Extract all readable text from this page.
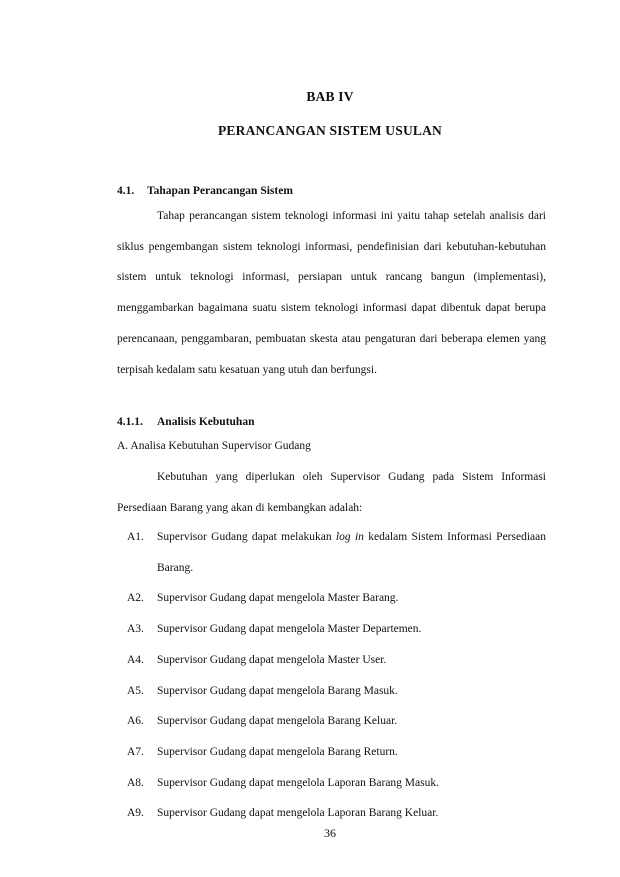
BAB IV
PERANCANGAN SISTEM USULAN
4.1. Tahapan Perancangan Sistem
Tahap perancangan sistem teknologi informasi ini yaitu tahap setelah analisis dari siklus pengembangan sistem teknologi informasi, pendefinisian dari kebutuhan-kebutuhan sistem untuk teknologi informasi, persiapan untuk rancang bangun (implementasi), menggambarkan bagaimana suatu sistem teknologi informasi dapat dibentuk dapat berupa perencanaan, penggambaran, pembuatan skesta atau pengaturan dari beberapa elemen yang terpisah kedalam satu kesatuan yang utuh dan berfungsi.
4.1.1. Analisis Kebutuhan
A. Analisa Kebutuhan Supervisor Gudang
Kebutuhan yang diperlukan oleh Supervisor Gudang pada Sistem Informasi Persediaan Barang yang akan di kembangkan adalah:
A1. Supervisor Gudang dapat melakukan log in kedalam Sistem Informasi Persediaan Barang.
A2. Supervisor Gudang dapat mengelola Master Barang.
A3. Supervisor Gudang dapat mengelola Master Departemen.
A4. Supervisor Gudang dapat mengelola Master User.
A5. Supervisor Gudang dapat mengelola Barang Masuk.
A6. Supervisor Gudang dapat mengelola Barang Keluar.
A7. Supervisor Gudang dapat mengelola Barang Return.
A8. Supervisor Gudang dapat mengelola Laporan Barang Masuk.
A9. Supervisor Gudang dapat mengelola Laporan Barang Keluar.
36
